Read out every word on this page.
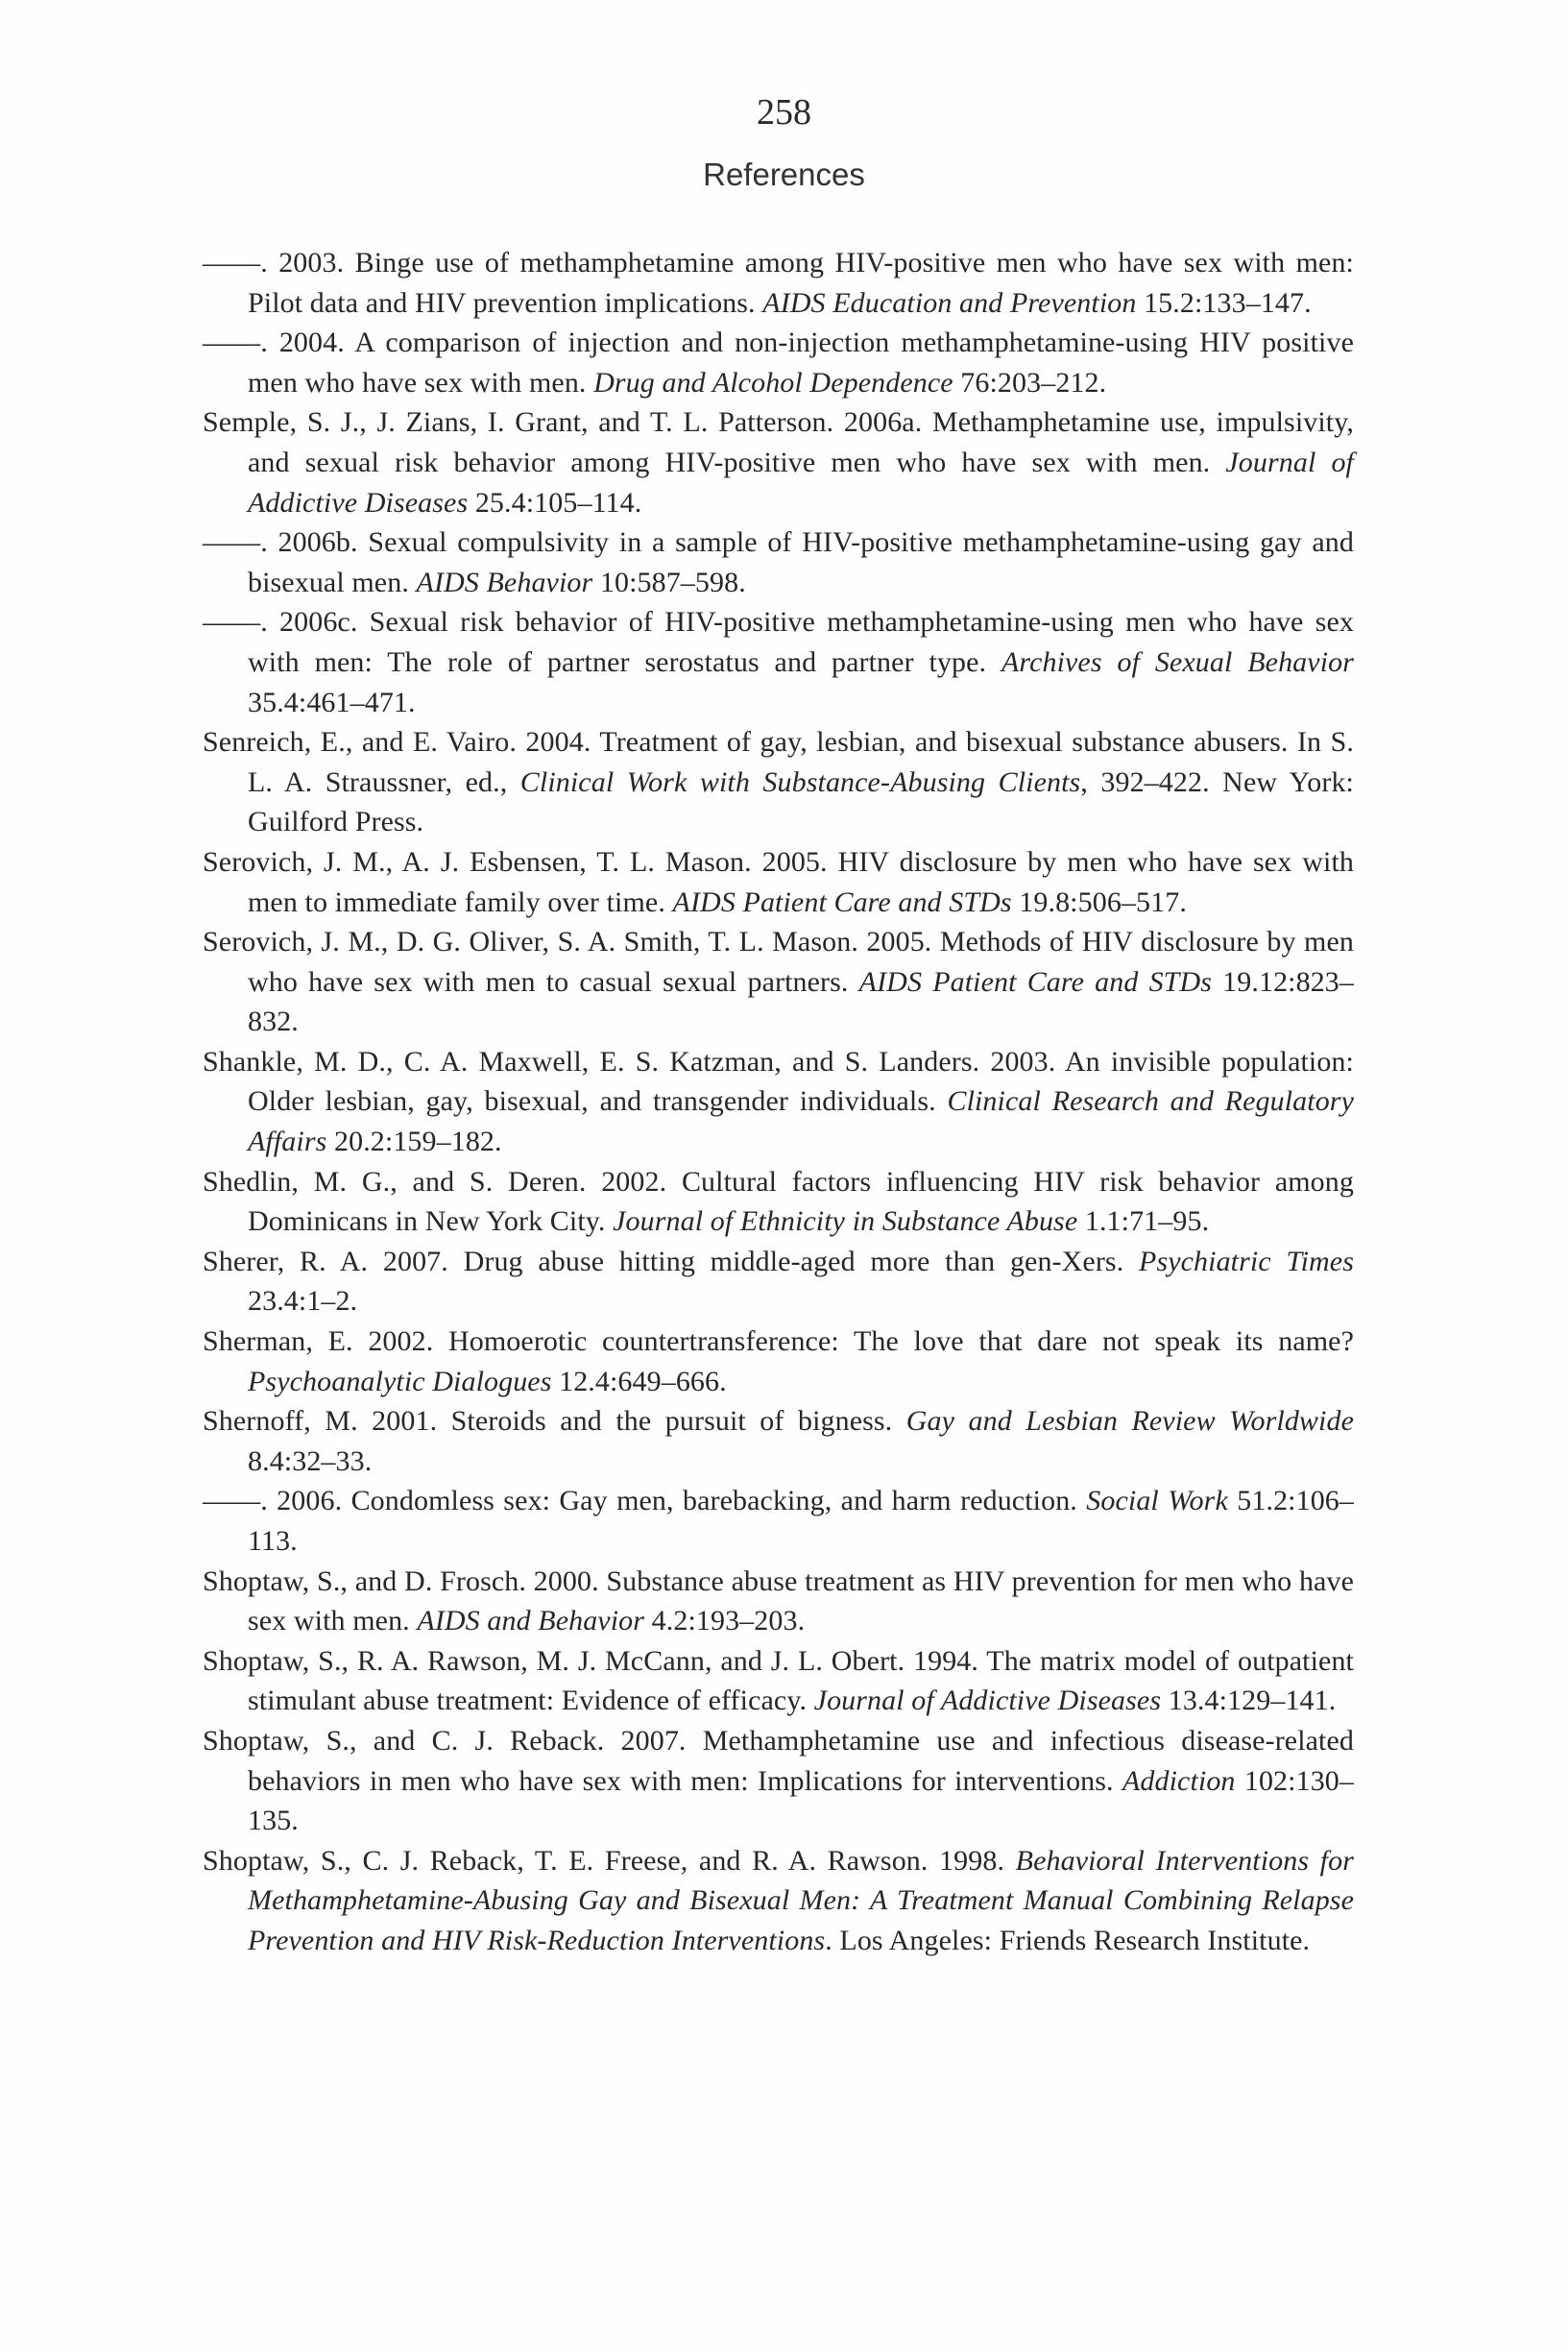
258
References

——. 2003. Binge use of methamphetamine among HIV-positive men who have sex with men: Pilot data and HIV prevention implications. AIDS Education and Prevention 15.2:133–147.

——. 2004. A comparison of injection and non-injection methamphetamine-using HIV positive men who have sex with men. Drug and Alcohol Dependence 76:203–212.

Semple, S. J., J. Zians, I. Grant, and T. L. Patterson. 2006a. Methamphetamine use, impulsivity, and sexual risk behavior among HIV-positive men who have sex with men. Journal of Addictive Diseases 25.4:105–114.

——. 2006b. Sexual compulsivity in a sample of HIV-positive methamphetamine-using gay and bisexual men. AIDS Behavior 10:587–598.

——. 2006c. Sexual risk behavior of HIV-positive methamphetamine-using men who have sex with men: The role of partner serostatus and partner type. Archives of Sexual Behavior 35.4:461–471.

Senreich, E., and E. Vairo. 2004. Treatment of gay, lesbian, and bisexual substance abusers. In S. L. A. Straussner, ed., Clinical Work with Substance-Abusing Clients, 392–422. New York: Guilford Press.

Serovich, J. M., A. J. Esbensen, T. L. Mason. 2005. HIV disclosure by men who have sex with men to immediate family over time. AIDS Patient Care and STDs 19.8:506–517.

Serovich, J. M., D. G. Oliver, S. A. Smith, T. L. Mason. 2005. Methods of HIV disclosure by men who have sex with men to casual sexual partners. AIDS Patient Care and STDs 19.12:823–832.

Shankle, M. D., C. A. Maxwell, E. S. Katzman, and S. Landers. 2003. An invisible population: Older lesbian, gay, bisexual, and transgender individuals. Clinical Research and Regulatory Affairs 20.2:159–182.

Shedlin, M. G., and S. Deren. 2002. Cultural factors influencing HIV risk behavior among Dominicans in New York City. Journal of Ethnicity in Substance Abuse 1.1:71–95.

Sherer, R. A. 2007. Drug abuse hitting middle-aged more than gen-Xers. Psychiatric Times 23.4:1–2.

Sherman, E. 2002. Homoerotic countertransference: The love that dare not speak its name? Psychoanalytic Dialogues 12.4:649–666.

Shernoff, M. 2001. Steroids and the pursuit of bigness. Gay and Lesbian Review Worldwide 8.4:32–33.

——. 2006. Condomless sex: Gay men, barebacking, and harm reduction. Social Work 51.2:106–113.

Shoptaw, S., and D. Frosch. 2000. Substance abuse treatment as HIV prevention for men who have sex with men. AIDS and Behavior 4.2:193–203.

Shoptaw, S., R. A. Rawson, M. J. McCann, and J. L. Obert. 1994. The matrix model of outpatient stimulant abuse treatment: Evidence of efficacy. Journal of Addictive Diseases 13.4:129–141.

Shoptaw, S., and C. J. Reback. 2007. Methamphetamine use and infectious disease-related behaviors in men who have sex with men: Implications for interventions. Addiction 102:130–135.

Shoptaw, S., C. J. Reback, T. E. Freese, and R. A. Rawson. 1998. Behavioral Interventions for Methamphetamine-Abusing Gay and Bisexual Men: A Treatment Manual Combining Relapse Prevention and HIV Risk-Reduction Interventions. Los Angeles: Friends Research Institute.
